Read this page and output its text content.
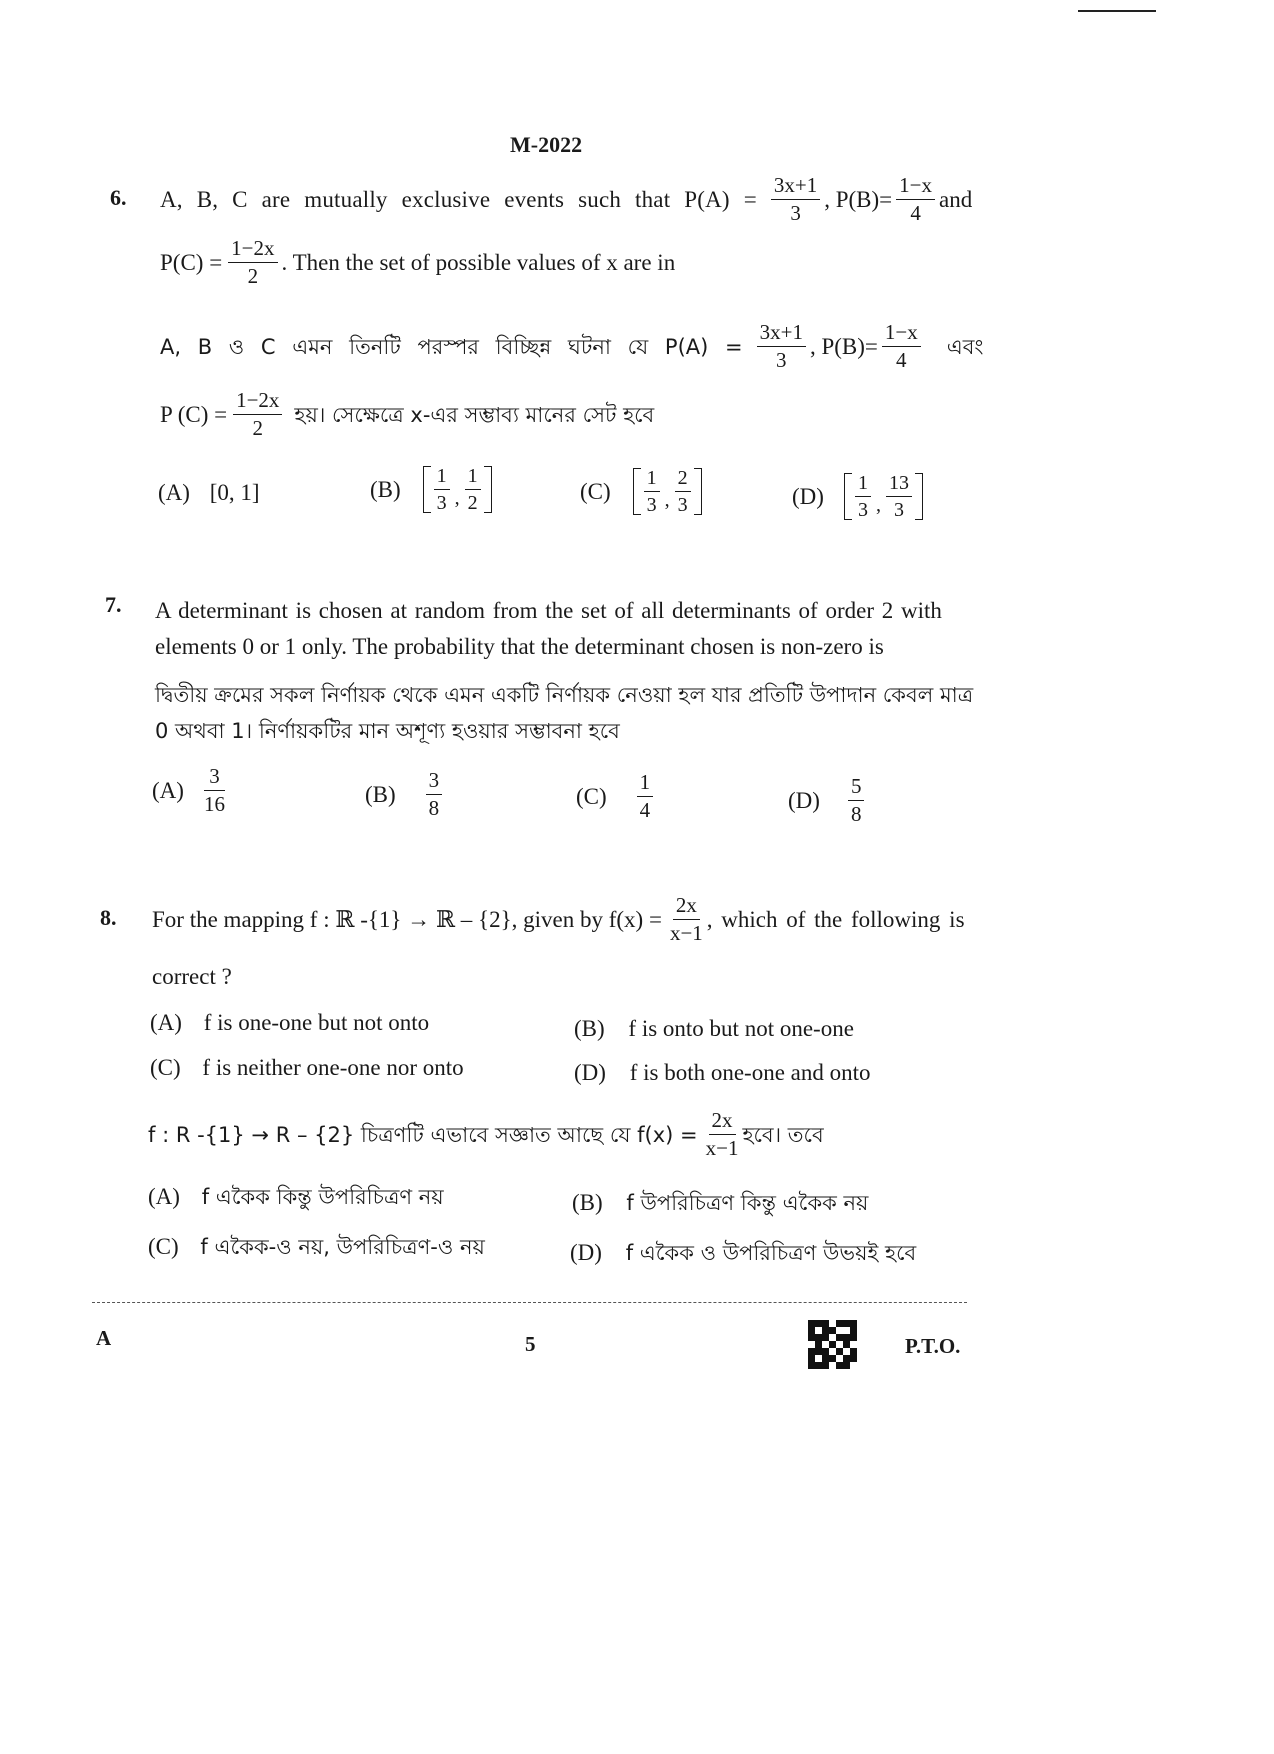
M-2022
6. A, B, C are mutually exclusive events such that $P(A) = \frac{3x+1}{3}$ , $P(B)= \frac{1-x}{4}$ and
$P(C) = \frac{1-2x}{2}$ . Then the set of possible values of x are in
A, B ও C এমন তিনটি পরস্পর বিচ্ছিন্ন ঘটনা যে $P(A) = \frac{3x+1}{3}$ , $P(B)= \frac{1-x}{4}$ এবং
P $(C) = \frac{1-2x}{2}$ হয়। সেক্ষেত্রে x-এর সম্ভাব্য মানের সেট হবে
(A) [0, 1]	$(B) \frac{1}{3}$ , $\frac{1}{2}$	$(C) \frac{1}{3}$ , $\frac{2}{3}$	$(D) \frac{1}{3}$ , $\frac{13}{3}$
7. A determinant is chosen at random from the set of all determinants of order 2 with
elements 0 or 1 only. The probability that the determinant chosen is non-zero is
দ্বিতীয় ক্রমের সকল নির্ণায়ক থেকে এমন একটি নির্ণায়ক নেওয়া হল যার প্রতিটি উপাদান কেবল মাত্র
0 অথবা 1। নির্ণায়কটির মান অশূণ্য হওয়ার সম্ভাবনা হবে
$(A) \frac{3}{16}$	$(B) \frac{3}{8}$	$(C) \frac{1}{4}$	$(D) \frac{5}{8}$
8. For the mapping f : ℝ -{1} → ℝ – {2}, given by $f(x) = \frac{2x}{x-1}$ , which of the following is
correct ?
(A) f is one-one but not onto	(B) f is onto but not one-one
(C) f is neither one-one nor onto	(D) f is both one-one and onto
f : R -{1} → R – {2} চিত্রণটি এভাবে সজ্ঞাত আছে যে $f(x) = \frac{2x}{x-1}$ হবে। তবে
(A) f একৈক কিন্তু উপরিচিত্রণ নয়	(B) f উপরিচিত্রণ কিন্তু একৈক নয়
(C) f একৈক-ও নয়, উপরিচিত্রণ-ও নয়	(D) f একৈক ও উপরিচিত্রণ উভয়ই হবে
A	5	P.T.O.
